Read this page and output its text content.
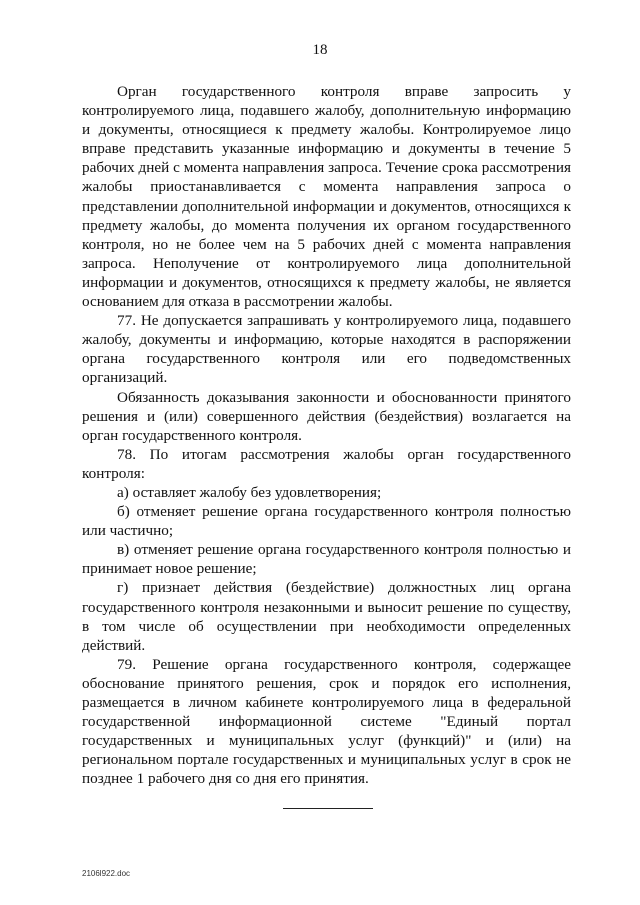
18

Орган государственного контроля вправе запросить у контролируемого лица, подавшего жалобу, дополнительную информацию и документы, относящиеся к предмету жалобы. Контролируемое лицо вправе представить указанные информацию и документы в течение 5 рабочих дней с момента направления запроса. Течение срока рассмотрения жалобы приостанавливается с момента направления запроса о представлении дополнительной информации и документов, относящихся к предмету жалобы, до момента получения их органом государственного контроля, но не более чем на 5 рабочих дней с момента направления запроса. Неполучение от контролируемого лица дополнительной информации и документов, относящихся к предмету жалобы, не является основанием для отказа в рассмотрении жалобы.

77. Не допускается запрашивать у контролируемого лица, подавшего жалобу, документы и информацию, которые находятся в распоряжении органа государственного контроля или его подведомственных организаций.

Обязанность доказывания законности и обоснованности принятого решения и (или) совершенного действия (бездействия) возлагается на орган государственного контроля.

78. По итогам рассмотрения жалобы орган государственного контроля:

а) оставляет жалобу без удовлетворения;

б) отменяет решение органа государственного контроля полностью или частично;

в) отменяет решение органа государственного контроля полностью и принимает новое решение;

г) признает действия (бездействие) должностных лиц органа государственного контроля незаконными и выносит решение по существу, в том числе об осуществлении при необходимости определенных действий.

79. Решение органа государственного контроля, содержащее обоснование принятого решения, срок и порядок его исполнения, размещается в личном кабинете контролируемого лица в федеральной государственной информационной системе "Единый портал государственных и муниципальных услуг (функций)" и (или) на региональном портале государственных и муниципальных услуг в срок не позднее 1 рабочего дня со дня его принятия.

2106l922.doc
